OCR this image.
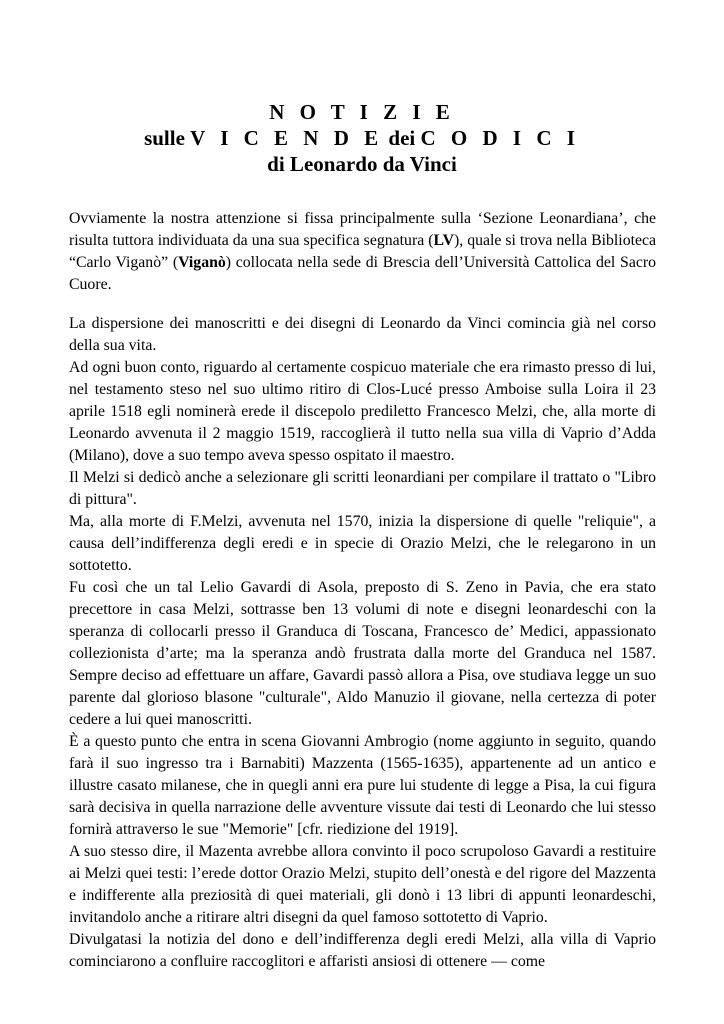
N O T I Z I E
sulle V I C E N D E dei C O D I C I
di Leonardo da Vinci

Ovviamente la nostra attenzione si fissa principalmente sulla ‘Sezione Leonardiana’, che risulta tuttora individuata da una sua specifica segnatura (LV), quale si trova nella Biblioteca “Carlo Viganò” (Viganò) collocata nella sede di Brescia dell’Università Cattolica del Sacro Cuore.

La dispersione dei manoscritti e dei disegni di Leonardo da Vinci comincia già nel corso della sua vita.

Ad ogni buon conto, riguardo al certamente cospicuo materiale che era rimasto presso di lui, nel testamento steso nel suo ultimo ritiro di Clos-Lucé presso Amboise sulla Loira il 23 aprile 1518 egli nominerà erede il discepolo prediletto Francesco Melzi, che, alla morte di Leonardo avvenuta il 2 maggio 1519, raccoglierà il tutto nella sua villa di Vaprio d’Adda (Milano), dove a suo tempo aveva spesso ospitato il maestro.

Il Melzi si dedicò anche a selezionare gli scritti leonardiani per compilare il trattato o "Libro di pittura".

Ma, alla morte di F.Melzi, avvenuta nel 1570, inizia la dispersione di quelle "reliquie", a causa dell’indifferenza degli eredi e in specie di Orazio Melzi, che le relegarono in un sottotetto.

Fu così che un tal Lelio Gavardi di Asola, preposto di S. Zeno in Pavia, che era stato precettore in casa Melzi, sottrasse ben 13 volumi di note e disegni leonardeschi con la speranza di collocarli presso il Granduca di Toscana, Francesco de’ Medici, appassionato collezionista d’arte; ma la speranza andò frustrata dalla morte del Granduca nel 1587. Sempre deciso ad effettuare un affare, Gavardi passò allora a Pisa, ove studiava legge un suo parente dal glorioso blasone "culturale", Aldo Manuzio il giovane, nella certezza di poter cedere a lui quei manoscritti.

È a questo punto che entra in scena Giovanni Ambrogio (nome aggiunto in seguito, quando farà il suo ingresso tra i Barnabiti) Mazzenta (1565-1635), appartenente ad un antico e illustre casato milanese, che in quegli anni era pure lui studente di legge a Pisa, la cui figura sarà decisiva in quella narrazione delle avventure vissute dai testi di Leonardo che lui stesso fornirà attraverso le sue "Memorie" [cfr. riedizione del 1919].

A suo stesso dire, il Mazenta avrebbe allora convinto il poco scrupoloso Gavardi a restituire ai Melzi quei testi: l’erede dottor Orazio Melzi, stupito dell’onestà e del rigore del Mazzenta e indifferente alla preziosità di quei materiali, gli donò i 13 libri di appunti leonardeschi, invitandolo anche a ritirare altri disegni da quel famoso sottotetto di Vaprio.

Divulgatasi la notizia del dono e dell’indifferenza degli eredi Melzi, alla villa di Vaprio cominciarono a confluire raccoglitori e affaristi ansiosi di ottenere — come
